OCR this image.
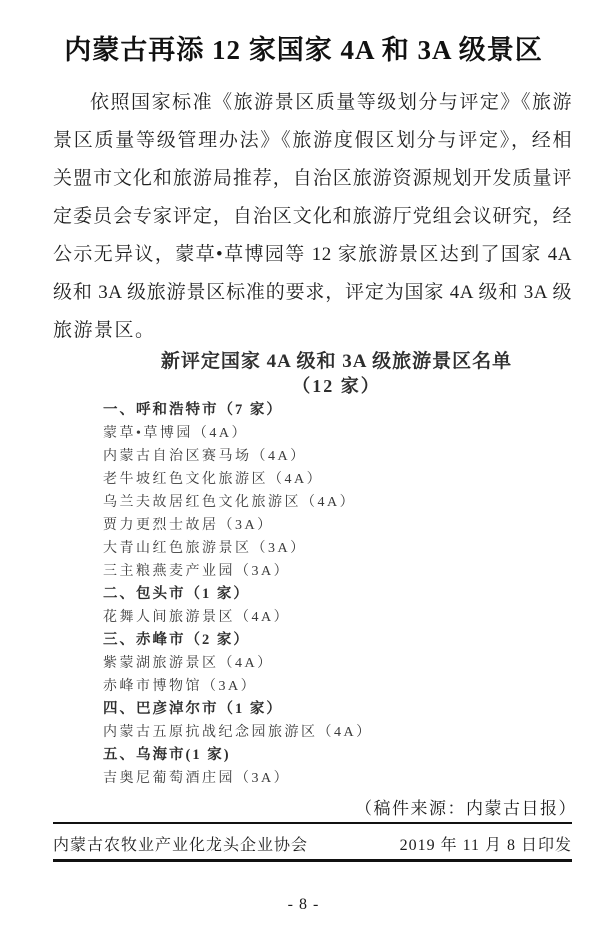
内蒙古再添 12 家国家 4A 和 3A 级景区
依照国家标准《旅游景区质量等级划分与评定》《旅游
景区质量等级管理办法》《旅游度假区划分与评定》，经相
关盟市文化和旅游局推荐，自治区旅游资源规划开发质量评
定委员会专家评定，自治区文化和旅游厅党组会议研究，经
公示无异议，蒙草•草博园等 12 家旅游景区达到了国家 4A
级和 3A 级旅游景区标准的要求，评定为国家 4A 级和 3A 级
旅游景区。
新评定国家 4A 级和 3A 级旅游景区名单
（12 家）
一、呼和浩特市（7 家）
蒙草•草博园（4A）
内蒙古自治区赛马场（4A）
老牛坡红色文化旅游区（4A）
乌兰夫故居红色文化旅游区（4A）
贾力更烈士故居（3A）
大青山红色旅游景区（3A）
三主粮燕麦产业园（3A）
二、包头市（1 家）
花舞人间旅游景区（4A）
三、赤峰市（2 家）
紫蒙湖旅游景区（4A）
赤峰市博物馆（3A）
四、巴彦淖尔市（1 家）
内蒙古五原抗战纪念园旅游区（4A）
五、乌海市(1 家)
吉奥尼葡萄酒庄园（3A）
（稿件来源：内蒙古日报）
内蒙古农牧业产业化龙头企业协会	2019 年 11 月 8 日印发
- 8 -
